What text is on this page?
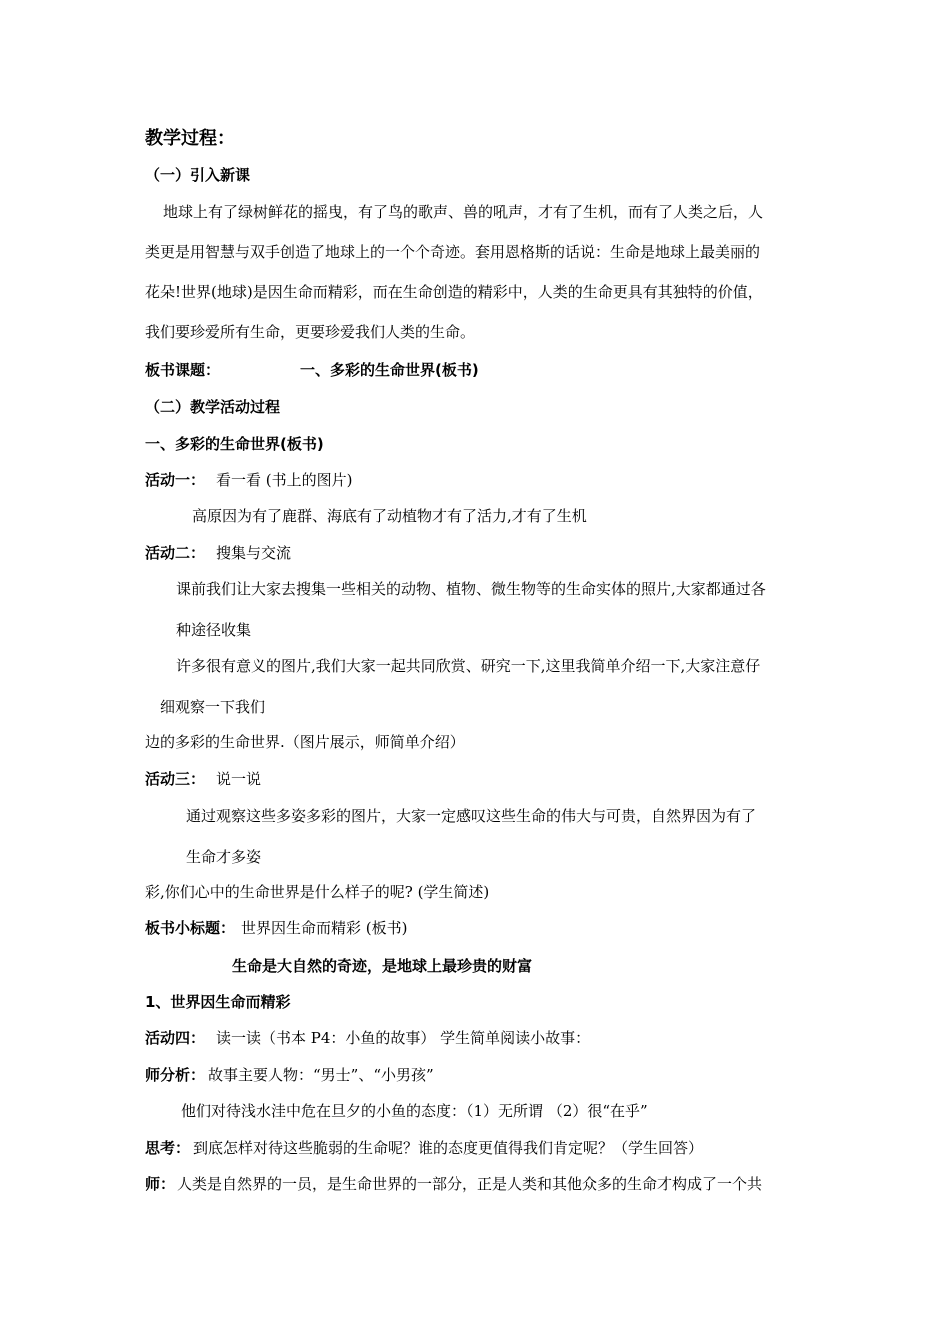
教学过程：
（一）引入新课
地球上有了绿树鲜花的摇曳，有了鸟的歌声、兽的吼声，才有了生机，而有了人类之后，人
类更是用智慧与双手创造了地球上的一个个奇迹。套用恩格斯的话说：生命是地球上最美丽的
花朵!世界(地球)是因生命而精彩，而在生命创造的精彩中，人类的生命更具有其独特的价值，
我们要珍爱所有生命，更要珍爱我们人类的生命。
板书课题：	一、多彩的生命世界(板书)
（二）教学活动过程
一、多彩的生命世界(板书)
活动一： 看一看 (书上的图片)
高原因为有了鹿群、海底有了动植物才有了活力,才有了生机
活动二： 搜集与交流
课前我们让大家去搜集一些相关的动物、植物、微生物等的生命实体的照片,大家都通过各
种途径收集
许多很有意义的图片,我们大家一起共同欣赏、研究一下,这里我简单介绍一下,大家注意仔
细观察一下我们
边的多彩的生命世界.（图片展示，师简单介绍）
活动三： 说一说
通过观察这些多姿多彩的图片，大家一定感叹这些生命的伟大与可贵，自然界因为有了
生命才多姿
彩,你们心中的生命世界是什么样子的呢? (学生简述)
板书小标题： 世界因生命而精彩 (板书)
生命是大自然的奇迹，是地球上最珍贵的财富
1、世界因生命而精彩
活动四： 读一读（书本 P4：小鱼的故事） 学生简单阅读小故事：
师分析： 故事主要人物：“男士”、“小男孩”
他们对待浅水洼中危在旦夕的小鱼的态度：（1）无所谓 （2）很“在乎”
思考： 到底怎样对待这些脆弱的生命呢？谁的态度更值得我们肯定呢？（学生回答）
师： 人类是自然界的一员，是生命世界的一部分，正是人类和其他众多的生命才构成了一个共
